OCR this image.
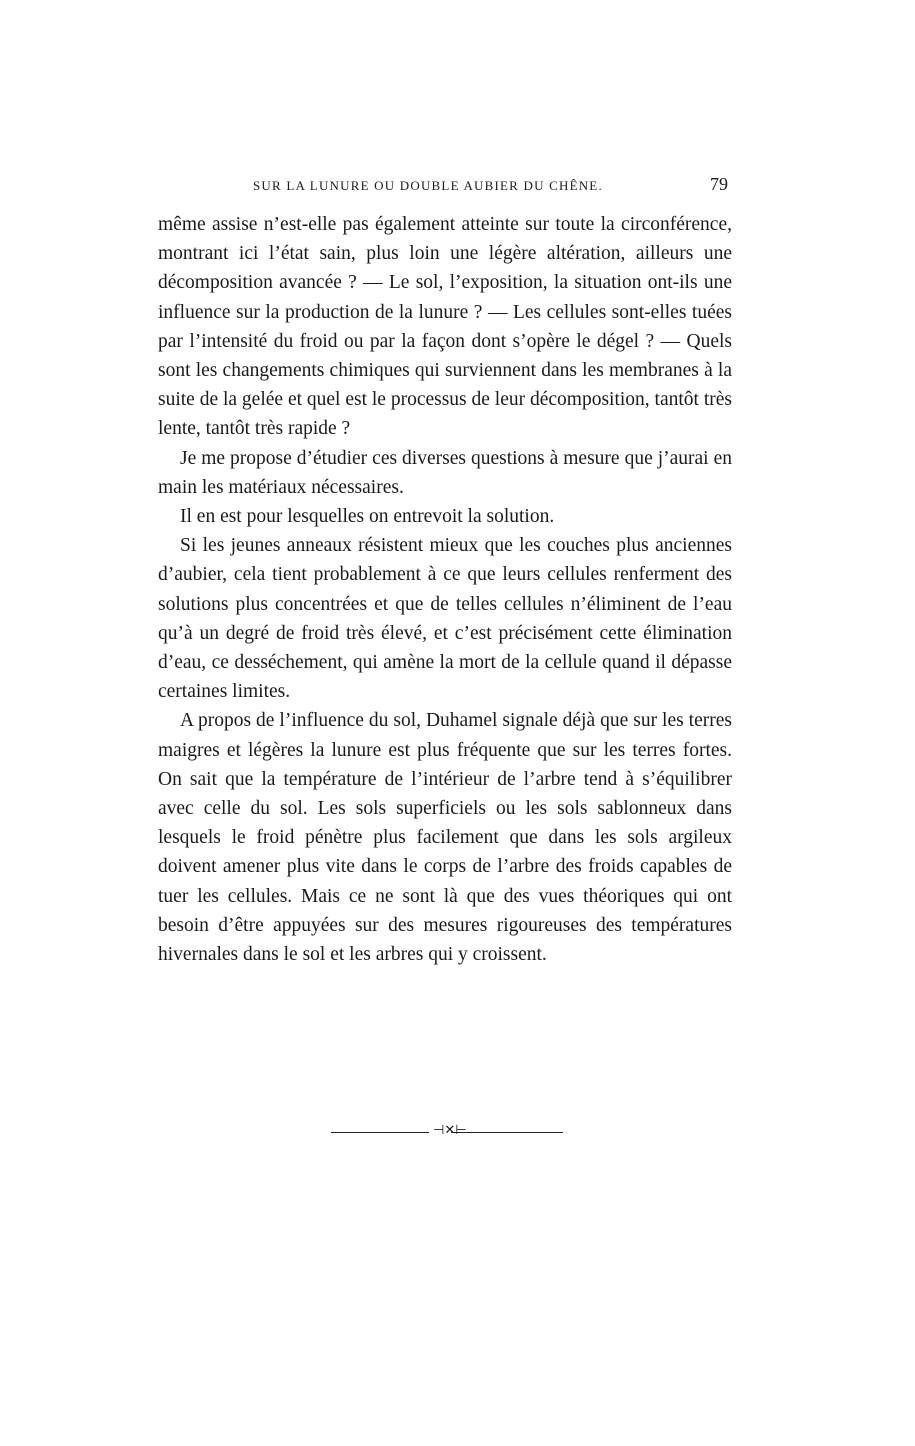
SUR LA LUNURE OU DOUBLE AUBIER DU CHÊNE.	79

même assise n’est-elle pas également atteinte sur toute la circonférence, montrant ici l’état sain, plus loin une légère altération, ailleurs une décomposition avancée ? — Le sol, l’exposition, la situation ont-ils une influence sur la production de la lunure ? — Les cellules sont-elles tuées par l’intensité du froid ou par la façon dont s’opère le dégel ? — Quels sont les changements chimiques qui surviennent dans les membranes à la suite de la gelée et quel est le processus de leur décomposition, tantôt très lente, tantôt très rapide ?

Je me propose d’étudier ces diverses questions à mesure que j’aurai en main les matériaux nécessaires.

Il en est pour lesquelles on entrevoit la solution.

Si les jeunes anneaux résistent mieux que les couches plus anciennes d’aubier, cela tient probablement à ce que leurs cellules renferment des solutions plus concentrées et que de telles cellules n’éliminent de l’eau qu’à un degré de froid très élevé, et c’est précisément cette élimination d’eau, ce desséchement, qui amène la mort de la cellule quand il dépasse certaines limites.

A propos de l’influence du sol, Duhamel signale déjà que sur les terres maigres et légères la lunure est plus fréquente que sur les terres fortes. On sait que la température de l’intérieur de l’arbre tend à s’équilibrer avec celle du sol. Les sols superficiels ou les sols sablonneux dans lesquels le froid pénètre plus facilement que dans les sols argileux doivent amener plus vite dans le corps de l’arbre des froids capables de tuer les cellules. Mais ce ne sont là que des vues théoriques qui ont besoin d’être appuyées sur des mesures rigoureuses des températures hivernales dans le sol et les arbres qui y croissent.

⊣✕⊢
